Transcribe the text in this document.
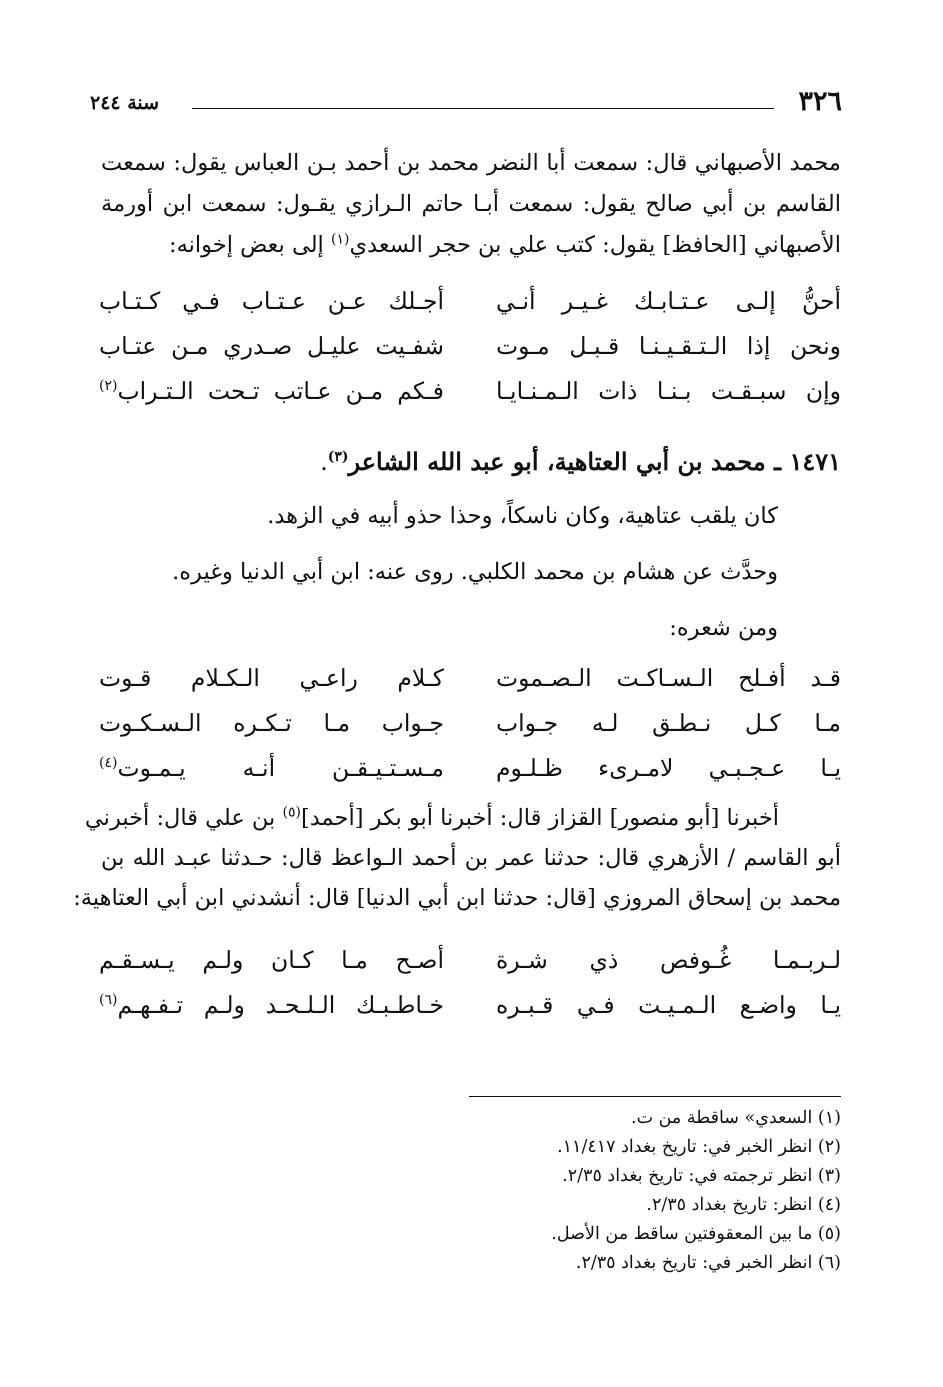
٣٢٦
سنة ٢٤٤
محمد الأصبهاني قال: سمعت أبا النضر محمد بن أحمد بـن العباس يقول: سمعت
القاسم بن أبي صالح يقول: سمعت أبـا حاتم الـرازي يقـول: سمعت ابن أورمة
الأصبهاني [الحافظ] يقول: كتب علي بن حجر السعدي$^{(١)}$ إلى بعض إخوانه:
أحنُّ إلـى عـتـابـك غـيـر أنـي
أجـلك عـن عـتـاب فـي كـتـاب
ونحن إذا الـتـقـيـنـا قـبـل مـوت
شفـيت عليـل صـدري مـن عتـاب
وإن سبـقـت بـنـا ذات الـمـنـايـا
فـكم مـن عـاتب تـحت الـتـراب$^{(٢)}$
١٤٧١ ـ محمد بن أبي العتاهية، أبو عبد الله الشاعر$^{(٣)}$.
كان يلقب عتاهية، وكان ناسكاً، وحذا حذو أبيه في الزهد.
وحدَّث عن هشام بن محمد الكلبي. روى عنه: ابن أبي الدنيا وغيره.
ومن شعره:
قـد أفـلح الـسـاكـت الـصـموت
كـلام راعـي الـكـلام قـوت
مـا كـل نـطـق لـه جـواب
جـواب مـا تـكـره الـسـكـوت
يـا عـجـبـي لامـرىء ظـلـوم
مـسـتـيـقـن أنـه يـمـوت$^{(٤)}$
أخبرنا [أبو منصور] القزاز قال: أخبرنا أبو بكر [أحمد]$^{(٥)}$ بن علي قال: أخبرني
أبو القاسم / الأزهري قال: حدثنا عمر بن أحمد الـواعظ قال: حـدثنا عبـد الله بن
محمد بن إسحاق المروزي [قال: حدثنا ابن أبي الدنيا] قال: أنشدني ابن أبي العتاهية:
لـربـمـا غُـوفص ذي شـرة
أصـح مـا كـان ولـم يـسـقـم
يـا واضـع الـمـيـت فـي قـبـره
خـاطـبـك الـلـحـد ولـم تـفـهـم$^{(٦)}$
(١) السعدي» ساقطة من ت.
(٢) انظر الخبر في: تاريخ بغداد ١١/٤١٧.
(٣) انظر ترجمته في: تاريخ بغداد ٢/٣٥.
(٤) انظر: تاريخ بغداد ٢/٣٥.
(٥) ما بين المعقوفتين ساقط من الأصل.
(٦) انظر الخبر في: تاريخ بغداد ٢/٣٥.
